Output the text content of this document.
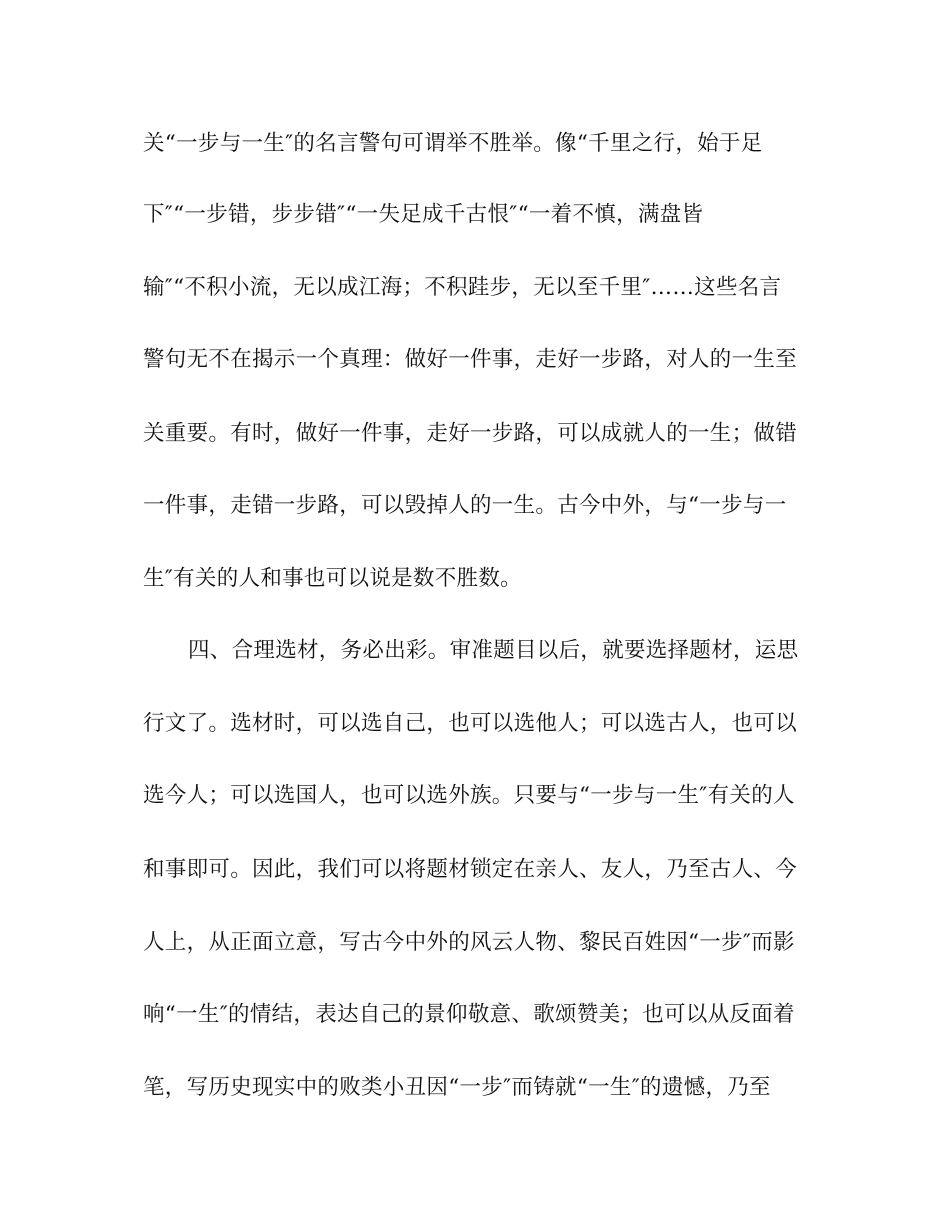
关“一步与一生″的名言警句可谓举不胜举。像“千里之行，始于足
下″“一步错，步步错″“一失足成千古恨″“一着不慎，满盘皆
输″“不积小流，无以成江海；不积跬步，无以至千里″……这些名言
警句无不在揭示一个真理：做好一件事，走好一步路，对人的一生至
关重要。有时，做好一件事，走好一步路，可以成就人的一生；做错
一件事，走错一步路，可以毁掉人的一生。古今中外，与“一步与一
生″有关的人和事也可以说是数不胜数。
四、合理选材，务必出彩。审准题目以后，就要选择题材，运思
行文了。选材时，可以选自己，也可以选他人；可以选古人，也可以
选今人；可以选国人，也可以选外族。只要与“一步与一生″有关的人
和事即可。因此，我们可以将题材锁定在亲人、友人，乃至古人、今
人上，从正面立意，写古今中外的风云人物、黎民百姓因“一步″而影
响“一生″的情结，表达自己的景仰敬意、歌颂赞美；也可以从反面着
笔，写历史现实中的败类小丑因“一步″而铸就“一生″的遗憾，乃至
